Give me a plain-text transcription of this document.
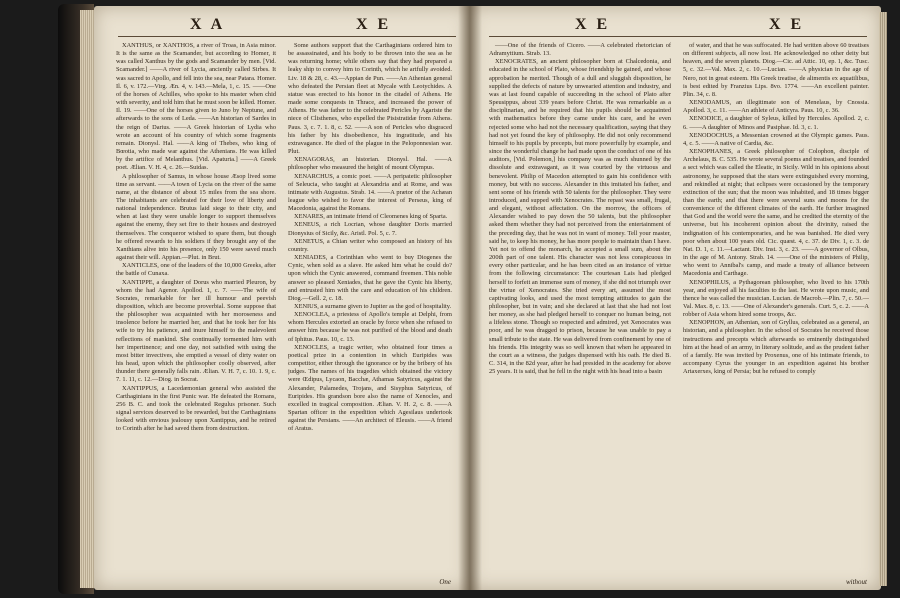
X A	X E

XANTHUS, or XANTHOS, a river of Troas, in Asia minor. It is the same as the Scamander, but according to Homer, it was called Xanthus by the gods and Scamander by men. [Vid. Scamander.] ——A river of Lycia, anciently called Sirbes. It was sacred to Apollo, and fell into the sea, near Patara. Homer. Il. 6, v. 172.—Virg. Æn. 4, v. 143.—Mela, 1, c. 15. ——One of the horses of Achilles, who spoke to his master when chid with severity, and told him that he must soon be killed. Homer. Il. 19. ——One of the horses given to Juno by Neptune, and afterwards to the sons of Leda. ——An historian of Sardes in the reign of Darius. ——A Greek historian of Lydia who wrote an account of his country of which some fragments remain. Dionysl. Hal. ——A king of Thebes, who king of Bœotia, who made war against the Athenians. He was killed by the artifice of Melanthus. [Vid. Apaturia.] ——A Greek poet. Ælian. V. H. 4, c. 26.—Suidas.

A philosopher of Samus, in whose house Æsop lived some time as servant. ——A town of Lycia on the river of the same name, at the distance of about 15 miles from the sea shore. The inhabitants are celebrated for their love of liberty and national independence. Brutus laid siege to their city, and when at last they were unable longer to support themselves against the enemy, they set fire to their houses and destroyed themselves. The conqueror wished to spare them, but though he offered rewards to his soldiers if they brought any of the Xanthians alive into his presence, only 150 were saved much against their will. Appian.—Plut. in Brut.

XANTICLES, one of the leaders of the 10,000 Greeks, after the battle of Cunaxa.

XANTIPPE, a daughter of Dorus who married Pleuron, by whom the had Agenor. Apollod. 1, c. 7. ——The wife of Socrates, remarkable for her ill humour and peevish disposition, which are become proverbial. Some suppose that the philosopher was acquainted with her moroseness and insolence before he married her, and that he took her for his wife to try his patience, and inure himself to the malevolent reflections of mankind. She continually tormented him with her impertinence; and one day, not satisfied with using the most bitter invectives, she emptied a vessel of dirty water on his head, upon which the philosopher coolly observed, after thunder there generally falls rain. Ælian. V. H. 7, c. 10. 1. 9, c. 7. 1. 11, c. 12.—Diog. in Socrat.

XANTIPPUS, a Lacedæmonian general who assisted the Carthaginians in the first Punic war. He defeated the Romans, 256 B. C. and took the celebrated Regulus prisoner. Such signal services deserved to be rewarded, but the Carthaginians looked with envious jealousy upon Xantippus, and he retired to Corinth after he had saved them from destruction.

Some authors support that the Carthaginians ordered him to be assassinated, and his body to be thrown into the sea as he was returning home; while others say that they had prepared a leaky ship to convey him to Corinth, which he artfully avoided. Liv. 18 & 28, c. 43.—Appian de Pun. ——An Athenian general who defeated the Persian fleet at Mycale with Leotychides. A statue was erected to his honor in the citadel of Athens. He made some conquests in Thrace, and increased the power of Athens. He was father to the celebrated Pericles by Agariste the niece of Clisthenes, who expelled the Pisistratidæ from Athens. Paus. 3, c. 7. 1. 8, c. 52. ——A son of Pericles who disgraced his father by his disobedience, his ingratitude, and his extravagance. He died of the plague in the Peloponnesian war. Plut.

XENAGORAS, an historian. Dionysl. Hal. ——A philosopher who measured the height of mount Olympus.

XENARCHUS, a comic poet. ——A peripatetic philosopher of Seleucia, who taught at Alexandria and at Rome, and was intimate with Augustus. Strab. 14. ——A prætor of the Achæan league who wished to favor the interest of Perseus, king of Macedonia, against the Romans.

XENARES, an intimate friend of Cleomenes king of Sparta.

XENEUS, a rich Locrian, whose daughter Doris married Dionysius of Sicily, &c. Aristl. Pol. 5, c. 7.

XENETUS, a Chian writer who composed an history of his country.

XENIADES, a Corinthian who went to buy Diogenes the Cynic, when sold as a slave. He asked him what he could do? upon which the Cynic answered, command freemen. This noble answer so pleased Xeniades, that he gave the Cynic his liberty, and entrusted him with the care and education of his children. Diog.—Gell. 2, c. 18.

XENIUS, a surname given to Jupiter as the god of hospitality.

XENOCLEA, a priestess of Apollo's temple at Delphi, from whom Hercules extorted an oracle by force when she refused to answer him because he was not purified of the blood and death of Iphitus. Paus. 10, c. 13.

XENOCLES, a tragic writer, who obtained four times a poetical prize in a contention in which Euripides was competitor, either through the ignorance or by the bribery of his judges. The names of his tragedies which obtained the victory were Œdipus, Lycaon, Bacchæ, Athamas Satyricus, against the Alexander, Palamedes, Trojans, and Sisyphus Satyricus, of Euripides. His grandson bore also the name of Xenocles, and excelled in tragical composition. Ælian. V. H. 2, c. 8. ——A Spartan officer in the expedition which Agesilaus undertook against the Persians. ——An architect of Eleusis. ——A friend of Aratus.

One
X E	X E

——One of the friends of Cicero. ——A celebrated rhetorician of Adramyttium. Strab. 13.

XENOCRATES, an ancient philosopher born at Chalcedonia, and educated in the school of Plato, whose friendship he gained, and whose approbation he merited. Though of a dull and sluggish disposition, he supplied the defects of nature by unwearied attention and industry, and was at last found capable of succeeding in the school of Plato after Speusippus, about 339 years before Christ. He was remarkable as a disciplinarian, and he required that his pupils should be acquainted with mathematics before they came under his care, and he even rejected some who had not the necessary qualification, saying that they had not yet found the key of philosophy. He did not only recommend himself to his pupils by precepts, but more powerfully by example, and since the wonderful change he had made upon the conduct of one of his auditors, [Vid. Polemon,] his company was as much shunned by the dissolute and extravagant, as it was courted by the virtuous and benevolent. Philip of Macedon attempted to gain his confidence with money, but with no success. Alexander in this imitated his father, and sent some of his friends with 50 talents for the philosopher. They were introduced, and supped with Xenocrates. The repast was small, frugal, and elegant, without affectation. On the morrow, the officers of Alexander wished to pay down the 50 talents, but the philosopher asked them whether they had not perceived from the entertainment of the preceding day, that he was not in want of money. Tell your master, said he, to keep his money, he has more people to maintain than I have. Yet not to offend the monarch, he accepted a small sum, about the 200th part of one talent. His character was not less conspicuous in every other particular, and he has been cited as an instance of virtue from the following circumstance: The courtesan Lais had pledged herself to forfeit an immense sum of money, if she did not triumph over the virtue of Xenocrates. She tried every art, assumed the most captivating looks, and used the most tempting attitudes to gain the philosopher, but in vain; and she declared at last that she had not lost her money, as she had pledged herself to conquer no human being, not a lifeless stone. Though so respected and admired, yet Xenocrates was poor, and he was dragged to prison, because he was unable to pay a small tribute to the state. He was delivered from confinement by one of his friends. His integrity was so well known that when he appeared in the court as a witness, the judges dispensed with his oath. He died B. C. 314, in the 82d year, after he had presided in the academy for above 25 years. It is said, that he fell in the night with his head into a basin

of water, and that he was suffocated. He had written above 60 treatises on different subjects, all now lost. He acknowledged no other deity but heaven, and the seven planets. Diog.—Cic. ad Attic. 10, ep. 1, &c. Tusc. 5, c. 32.—Val. Max. 2, c. 10.—Lucian. ——A physician in the age of Nero, not in great esteem. His Greek treatise, de alimentis ex aquatilibus, is best edited by Franzius Lips. 8vo. 1774. ——An excellent painter. Plin. 34, c. 8.

XENODAMUS, an illegitimate son of Menelaus, by Cnossia. Apollod. 3, c. 11. ——An athlete of Anticyra. Paus. 10, c. 36.

XENODICE, a daughter of Syleus, killed by Hercules. Apollod. 2, c. 6. ——A daughter of Minos and Pasiphae. Id. 3, c. 1.

XENODOCHUS, a Messenian crowned at the Olympic games. Paus. 4, c. 5. ——A native of Cardia, &c.

XENOPHANES, a Greek philosopher of Colophon, disciple of Archelaus, B. C. 535. He wrote several poems and treatises, and founded a sect which was called the Eleatic, in Sicily. Wild in his opinions about astronomy, he supposed that the stars were extinguished every morning, and rekindled at night; that eclipses were occasioned by the temporary extinction of the sun; that the moon was inhabited, and 18 times bigger than the earth; and that there were several suns and moons for the convenience of the different climates of the earth. He further imagined that God and the world were the same, and he credited the eternity of the universe, but his incoherent opinion about the divinity, raised the indignation of his contemporaries, and he was banished. He died very poor when about 100 years old. Cic. quæst. 4, c. 37. de Div. 1, c. 3. de Nat. D. 1, c. 11.—Lactant. Div. Inst. 3, c. 23. ——A governor of Olbus, in the age of M. Antony. Strab. 14. ——One of the ministers of Philip, who went to Annibal's camp, and made a treaty of alliance between Macedonia and Carthage.

XENOPHILUS, a Pythagorean philosopher, who lived to his 170th year, and enjoyed all his faculties to the last. He wrote upon music, and thence he was called the musician. Lucian. de Macrob.—Plin. 7, c. 50.—Val. Max. 8, c. 13. ——One of Alexander's generals. Curt. 5, c. 2. ——A robber of Asia whom hired some troops, &c.

XENOPHON, an Athenian, son of Gryllus, celebrated as a general, an historian, and a philosopher. In the school of Socrates he received those instructions and precepts which afterwards so eminently distinguished him at the head of an army, in literary solitude, and as the prudent father of a family. He was invited by Proxenus, one of his intimate friends, to accompany Cyrus the younger in an expedition against his brother Artaxerxes, king of Persia; but he refused to comply

without
